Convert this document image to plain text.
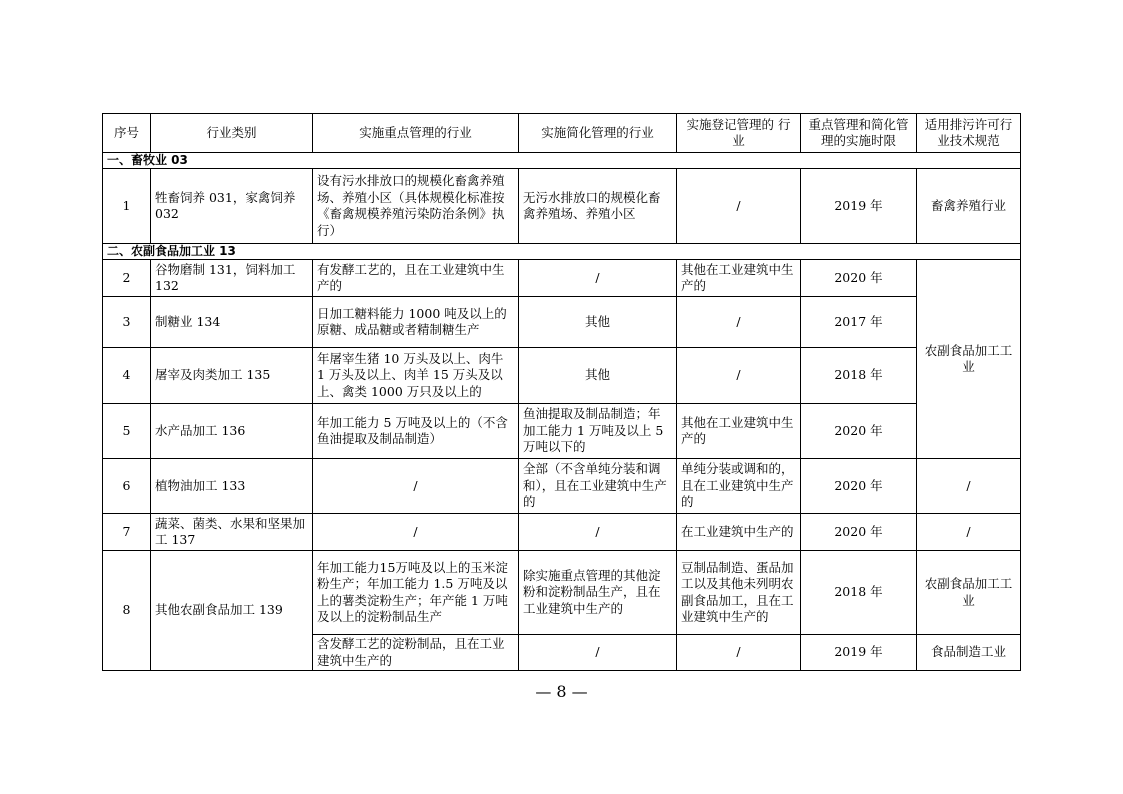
序号	行业类别	实施重点管理的行业	实施简化管理的行业	实施登记管理的 行　　业	重点管理和简化管理的实施时限	适用排污许可行业技术规范
一、畜牧业 03						
1	牲畜饲养 031，家禽饲养 032	设有污水排放口的规模化畜禽养殖场、养殖小区（具体规模化标准按《畜禽规模养殖污染防治条例》执行）	无污水排放口的规模化畜禽养殖场、养殖小区	/	2019 年	畜禽养殖行业
二、农副食品加工业 13						
2	谷物磨制 131，饲料加工 132	有发酵工艺的，且在工业建筑中生产的	/	其他在工业建筑中生产的	2020 年	农副食品加工工业
3	制糖业 134	日加工糖料能力 1000 吨及以上的原糖、成品糖或者精制糖生产	其他	/	2017 年	
4	屠宰及肉类加工 135	年屠宰生猪 10 万头及以上、肉牛 1 万头及以上、肉羊 15 万头及以上、禽类 1000 万只及以上的	其他	/	2018 年	
5	水产品加工 136	年加工能力 5 万吨及以上的（不含鱼油提取及制品制造）	鱼油提取及制品制造；年加工能力 1 万吨及以上 5 万吨以下的	其他在工业建筑中生产的	2020 年	
6	植物油加工 133	/	全部（不含单纯分装和调和），且在工业建筑中生产的	单纯分装或调和的，且在工业建筑中生产的	2020 年	/
7	蔬菜、菌类、水果和坚果加工 137	/	/	在工业建筑中生产的	2020 年	/
8	其他农副食品加工 139	年加工能力15万吨及以上的玉米淀粉生产；年加工能力 1.5 万吨及以上的薯类淀粉生产；年产能 1 万吨及以上的淀粉制品生产	除实施重点管理的其他淀粉和淀粉制品生产，且在工业建筑中生产的	豆制品制造、蛋品加工以及其他未列明农副食品加工，且在工业建筑中生产的	2018 年	农副食品加工工业
		含发酵工艺的淀粉制品，且在工业建筑中生产的	/	/	2019 年	食品制造工业
— 8 —
